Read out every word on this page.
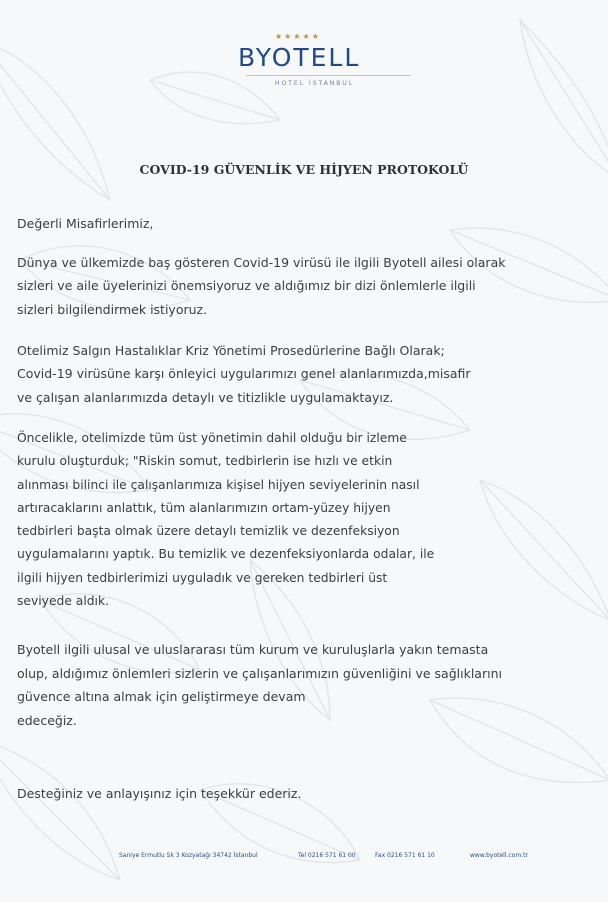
★★★★★
BYOTELL
HOTEL İSTANBUL
COVID-19 GÜVENLİK VE HİJYEN PROTOKOLÜ
Değerli Misafirlerimiz,
Dünya ve ülkemizde baş gösteren Covid-19 virüsü ile ilgili Byotell ailesi olarak
sizleri ve aile üyelerinizi önemsiyoruz ve aldığımız bir dizi önlemlerle ilgili
sizleri bilgilendirmek istiyoruz.
Otelimiz Salgın Hastalıklar Kriz Yönetimi Prosedürlerine Bağlı Olarak;
Covid-19 virüsüne karşı önleyici uygularımızı genel alanlarımızda,misafir
ve çalışan alanlarımızda detaylı ve titizlikle uygulamaktayız.
Öncelikle, otelimizde tüm üst yönetimin dahil olduğu bir izleme
kurulu oluşturduk; "Riskin somut, tedbirlerin ise hızlı ve etkin
alınması bilinci ile çalışanlarımıza kişisel hijyen seviyelerinin nasıl
artıracaklarını anlattık, tüm alanlarımızın ortam-yüzey hijyen
tedbirleri başta olmak üzere detaylı temizlik ve dezenfeksiyon
uygulamalarını yaptık. Bu temizlik ve dezenfeksiyonlarda odalar, ile
ilgili hijyen tedbirlerimizi uyguladık ve gereken tedbirleri üst
seviyede aldık.
Byotell ilgili ulusal ve uluslararası tüm kurum ve kuruluşlarla yakın temasta
olup, aldığımız önlemleri sizlerin ve çalışanlarımızın güvenliğini ve sağlıklarını
güvence altına almak için geliştirmeye devam
edeceğiz.
Desteğiniz ve anlayışınız için teşekkür ederiz.
Saniye Ermutlu Sk 3 Kozyatağı 34742 İstanbul	Tel 0216 571 61 00	Fax 0216 571 61 10	www.byotell.com.tr
